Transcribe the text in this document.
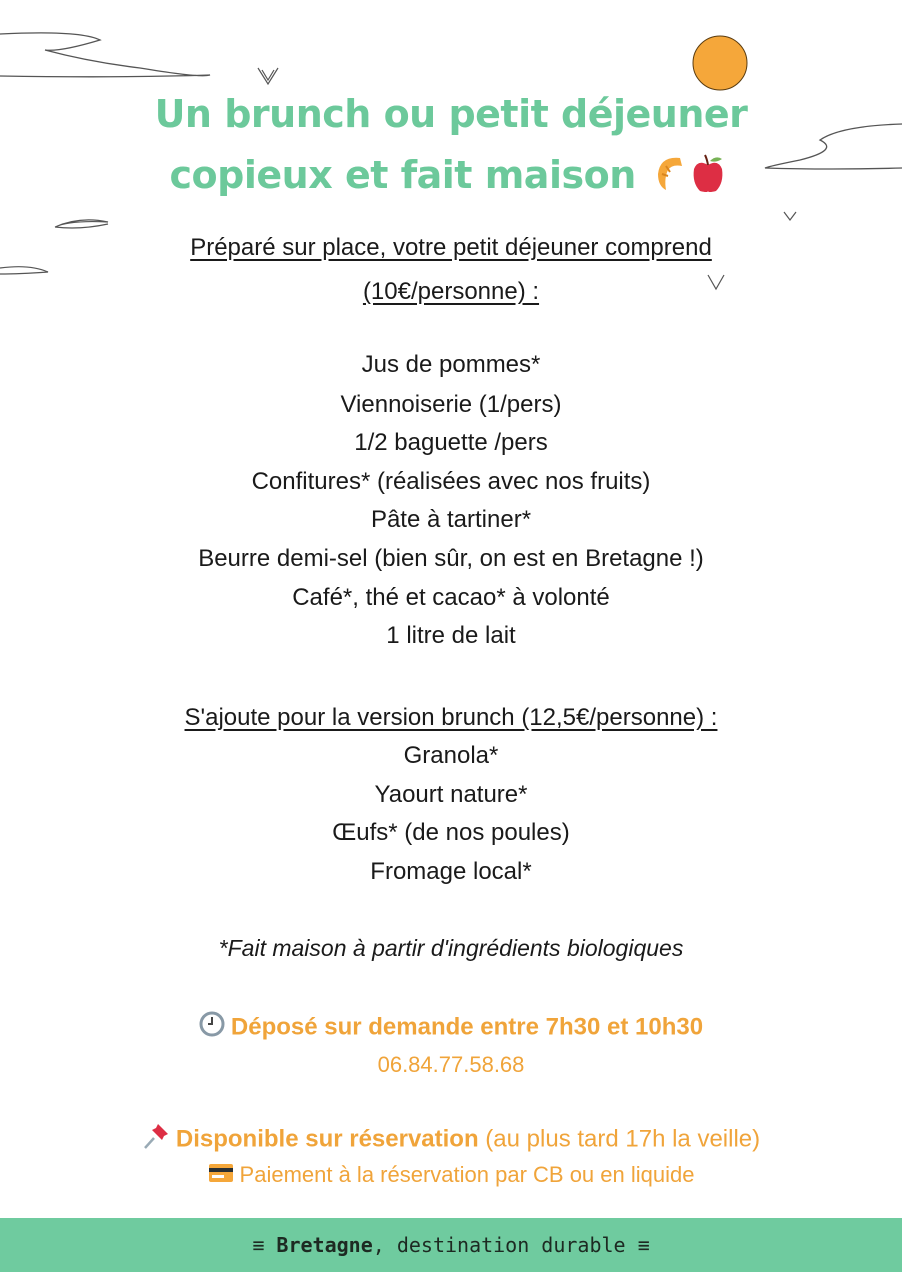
Un brunch ou petit déjeuner
copieux et fait maison
Préparé sur place, votre petit déjeuner comprend
(10€/personne) :
Jus de pommes*
Viennoiserie (1/pers)
1/2 baguette /pers
Confitures* (réalisées avec nos fruits)
Pâte à tartiner*
Beurre demi-sel (bien sûr, on est en Bretagne !)
Café*, thé et cacao* à volonté
1 litre de lait
S'ajoute pour la version brunch (12,5€/personne) :
Granola*
Yaourt nature*
Œufs* (de nos poules)
Fromage local*
*Fait maison à partir d'ingrédients biologiques
Déposé sur demande entre 7h30 et 10h30
06.84.77.58.68
Disponible sur réservation (au plus tard 17h la veille)
Paiement à la réservation par CB ou en liquide
≡ Bretagne, destination durable ≡
